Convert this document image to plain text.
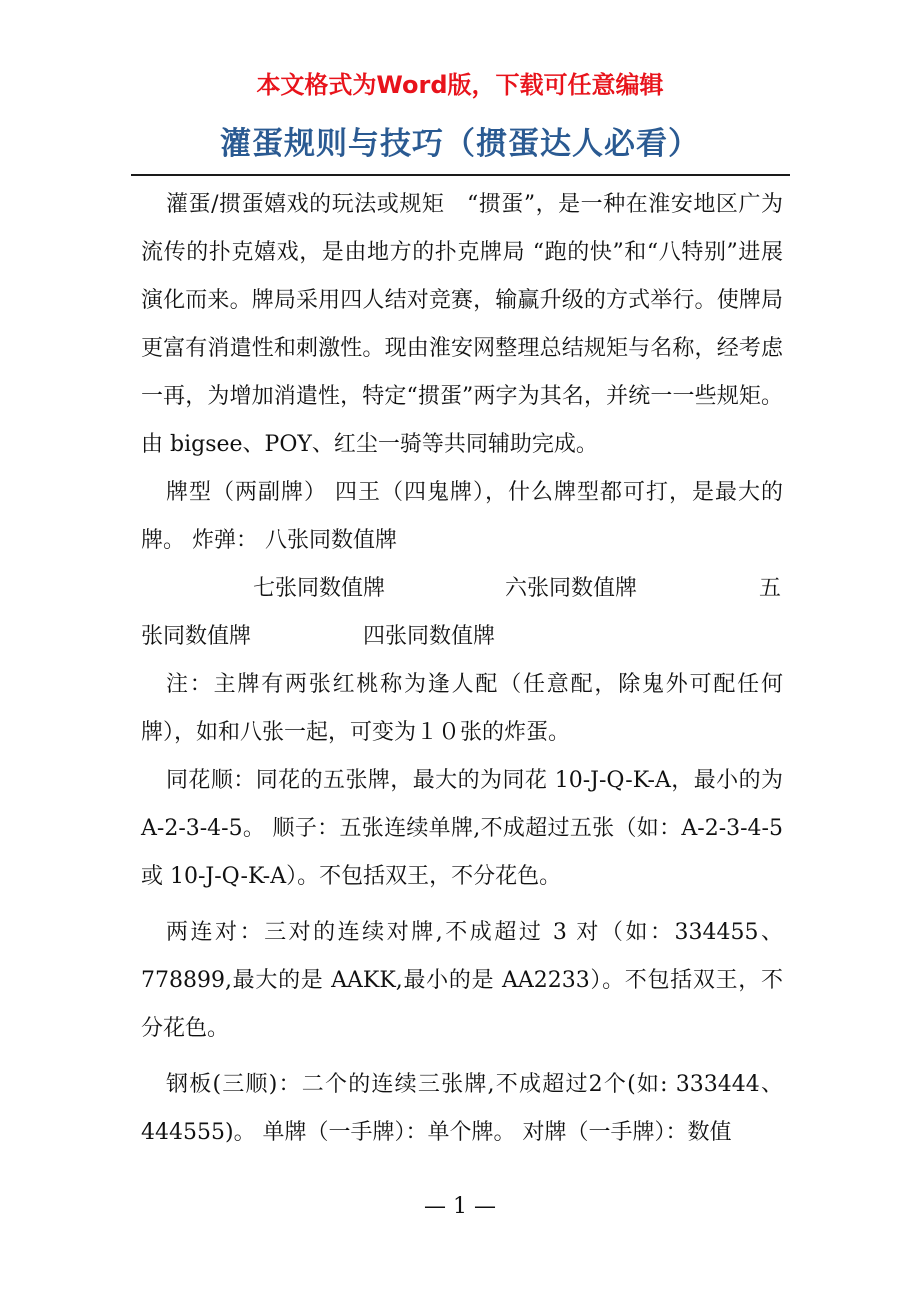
本文格式为Word版，下载可任意编辑
灌蛋规则与技巧（掼蛋达人必看）

灌蛋/掼蛋嬉戏的玩法或规矩　“掼蛋”，是一种在淮安地区广为流传的扑克嬉戏，是由地方的扑克牌局 “跑的快”和“八特别”进展演化而来。牌局采用四人结对竞赛，输赢升级的方式举行。使牌局更富有消遣性和刺激性。现由淮安网整理总结规矩与名称，经考虑一再，为增加消遣性，特定“掼蛋”两字为其名，并统一一些规矩。由 bigsee、POY、红尘一骑等共同辅助完成。

牌型（两副牌） 四王（四鬼牌），什么牌型都可打，是最大的牌。 炸弹： 八张同数值牌

七张同数值牌	六张同数值牌	五
张同数值牌	四张同数值牌

注：主牌有两张红桃称为逢人配（任意配，除鬼外可配任何牌），如和八张一起，可变为１０张的炸蛋。

同花顺：同花的五张牌，最大的为同花 10-J-Q-K-A，最小的为 A-2-3-4-5。 顺子：五张连续单牌,不成超过五张（如：A-2-3-4-5 或 10-J-Q-K-A）。不包括双王，不分花色。

两连对：三对的连续对牌,不成超过 3 对（如：334455、778899,最大的是 AAKK,最小的是 AA2233）。不包括双王，不分花色。

钢板(三顺)：二个的连续三张牌,不成超过2个(如: 333444、444555)。 单牌（一手牌）：单个牌。 对牌（一手牌）：数值

— 1 —
